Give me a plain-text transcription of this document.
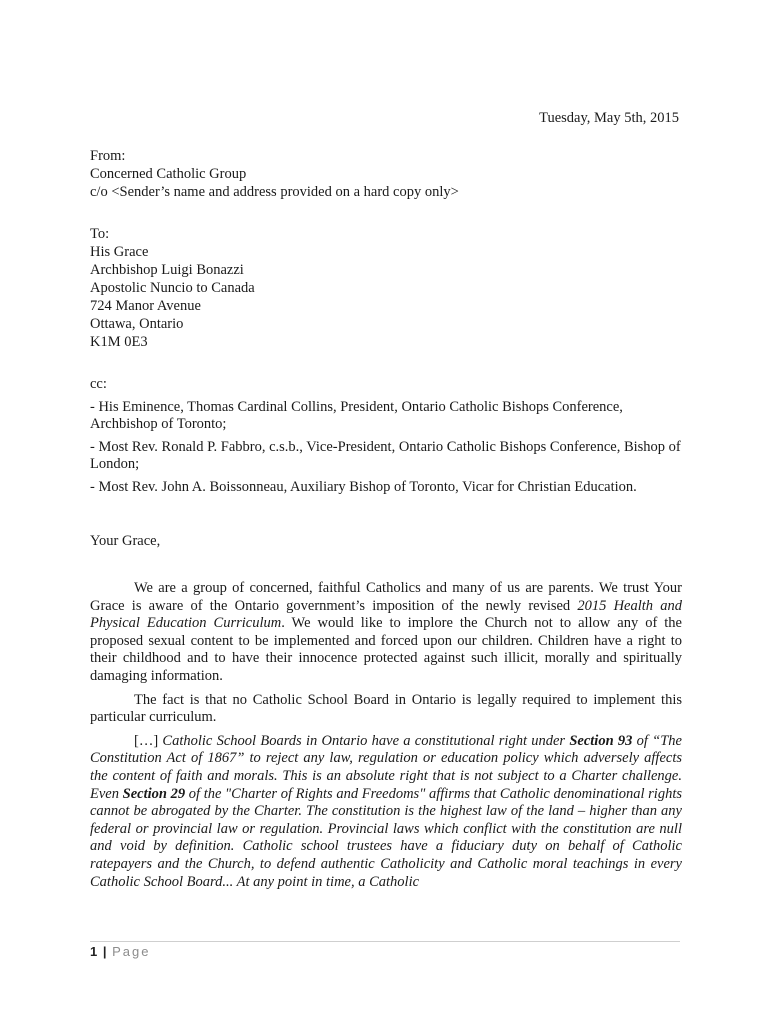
Tuesday, May 5th, 2015
From:
Concerned Catholic Group
c/o <Sender’s name and address provided on a hard copy only>
To:
His Grace
Archbishop Luigi Bonazzi
Apostolic Nuncio to Canada
724 Manor Avenue
Ottawa, Ontario
K1M 0E3
cc:
- His Eminence, Thomas Cardinal Collins, President, Ontario Catholic Bishops Conference, Archbishop of Toronto;
- Most Rev. Ronald P. Fabbro, c.s.b., Vice-President, Ontario Catholic Bishops Conference, Bishop of London;
- Most Rev. John A. Boissonneau, Auxiliary Bishop of Toronto, Vicar for Christian Education.
Your Grace,

We are a group of concerned, faithful Catholics and many of us are parents. We trust Your Grace is aware of the Ontario government’s imposition of the newly revised 2015 Health and Physical Education Curriculum. We would like to implore the Church not to allow any of the proposed sexual content to be implemented and forced upon our children. Children have a right to their childhood and to have their innocence protected against such illicit, morally and spiritually damaging information.

The fact is that no Catholic School Board in Ontario is legally required to implement this particular curriculum.

[…] Catholic School Boards in Ontario have a constitutional right under Section 93 of “The Constitution Act of 1867” to reject any law, regulation or education policy which adversely affects the content of faith and morals. This is an absolute right that is not subject to a Charter challenge. Even Section 29 of the "Charter of Rights and Freedoms" affirms that Catholic denominational rights cannot be abrogated by the Charter. The constitution is the highest law of the land – higher than any federal or provincial law or regulation. Provincial laws which conflict with the constitution are null and void by definition. Catholic school trustees have a fiduciary duty on behalf of Catholic ratepayers and the Church, to defend authentic Catholicity and Catholic moral teachings in every Catholic School Board... At any point in time, a Catholic

1 | Page
